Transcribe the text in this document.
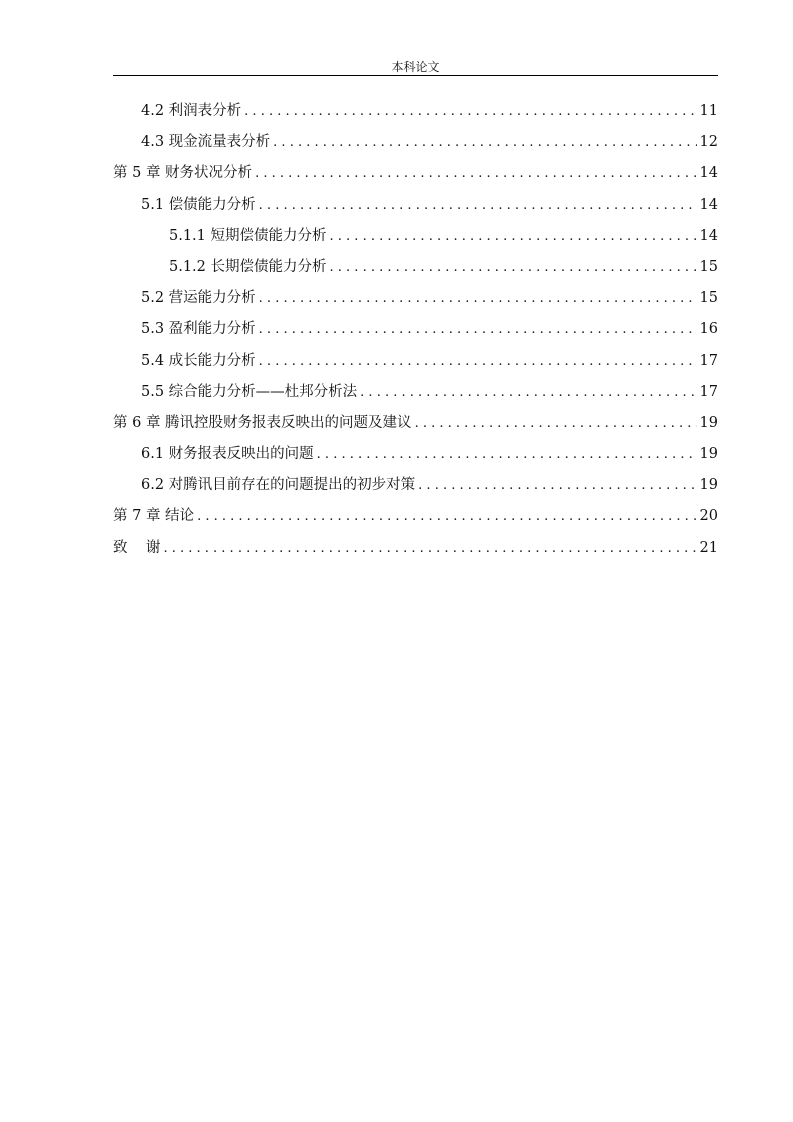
本科论文
4.2 利润表分析 . . .	11
4.3 现金流量表分析 . . .	12
第 5 章 财务状况分析 . . .	14
5.1 偿债能力分析 . . .	14
5.1.1 短期偿债能力分析 . . .	14
5.1.2 长期偿债能力分析 . . .	15
5.2 营运能力分析 . . .	15
5.3 盈利能力分析 . . .	16
5.4 成长能力分析 . . .	17
5.5 综合能力分析——杜邦分析法 . . .	17
第 6 章 腾讯控股财务报表反映出的问题及建议 . . .	19
6.1 财务报表反映出的问题 . . .	19
6.2 对腾讯目前存在的问题提出的初步对策 . . .	19
第 7 章 结论 . . .	20
致    谢 . . .	21
